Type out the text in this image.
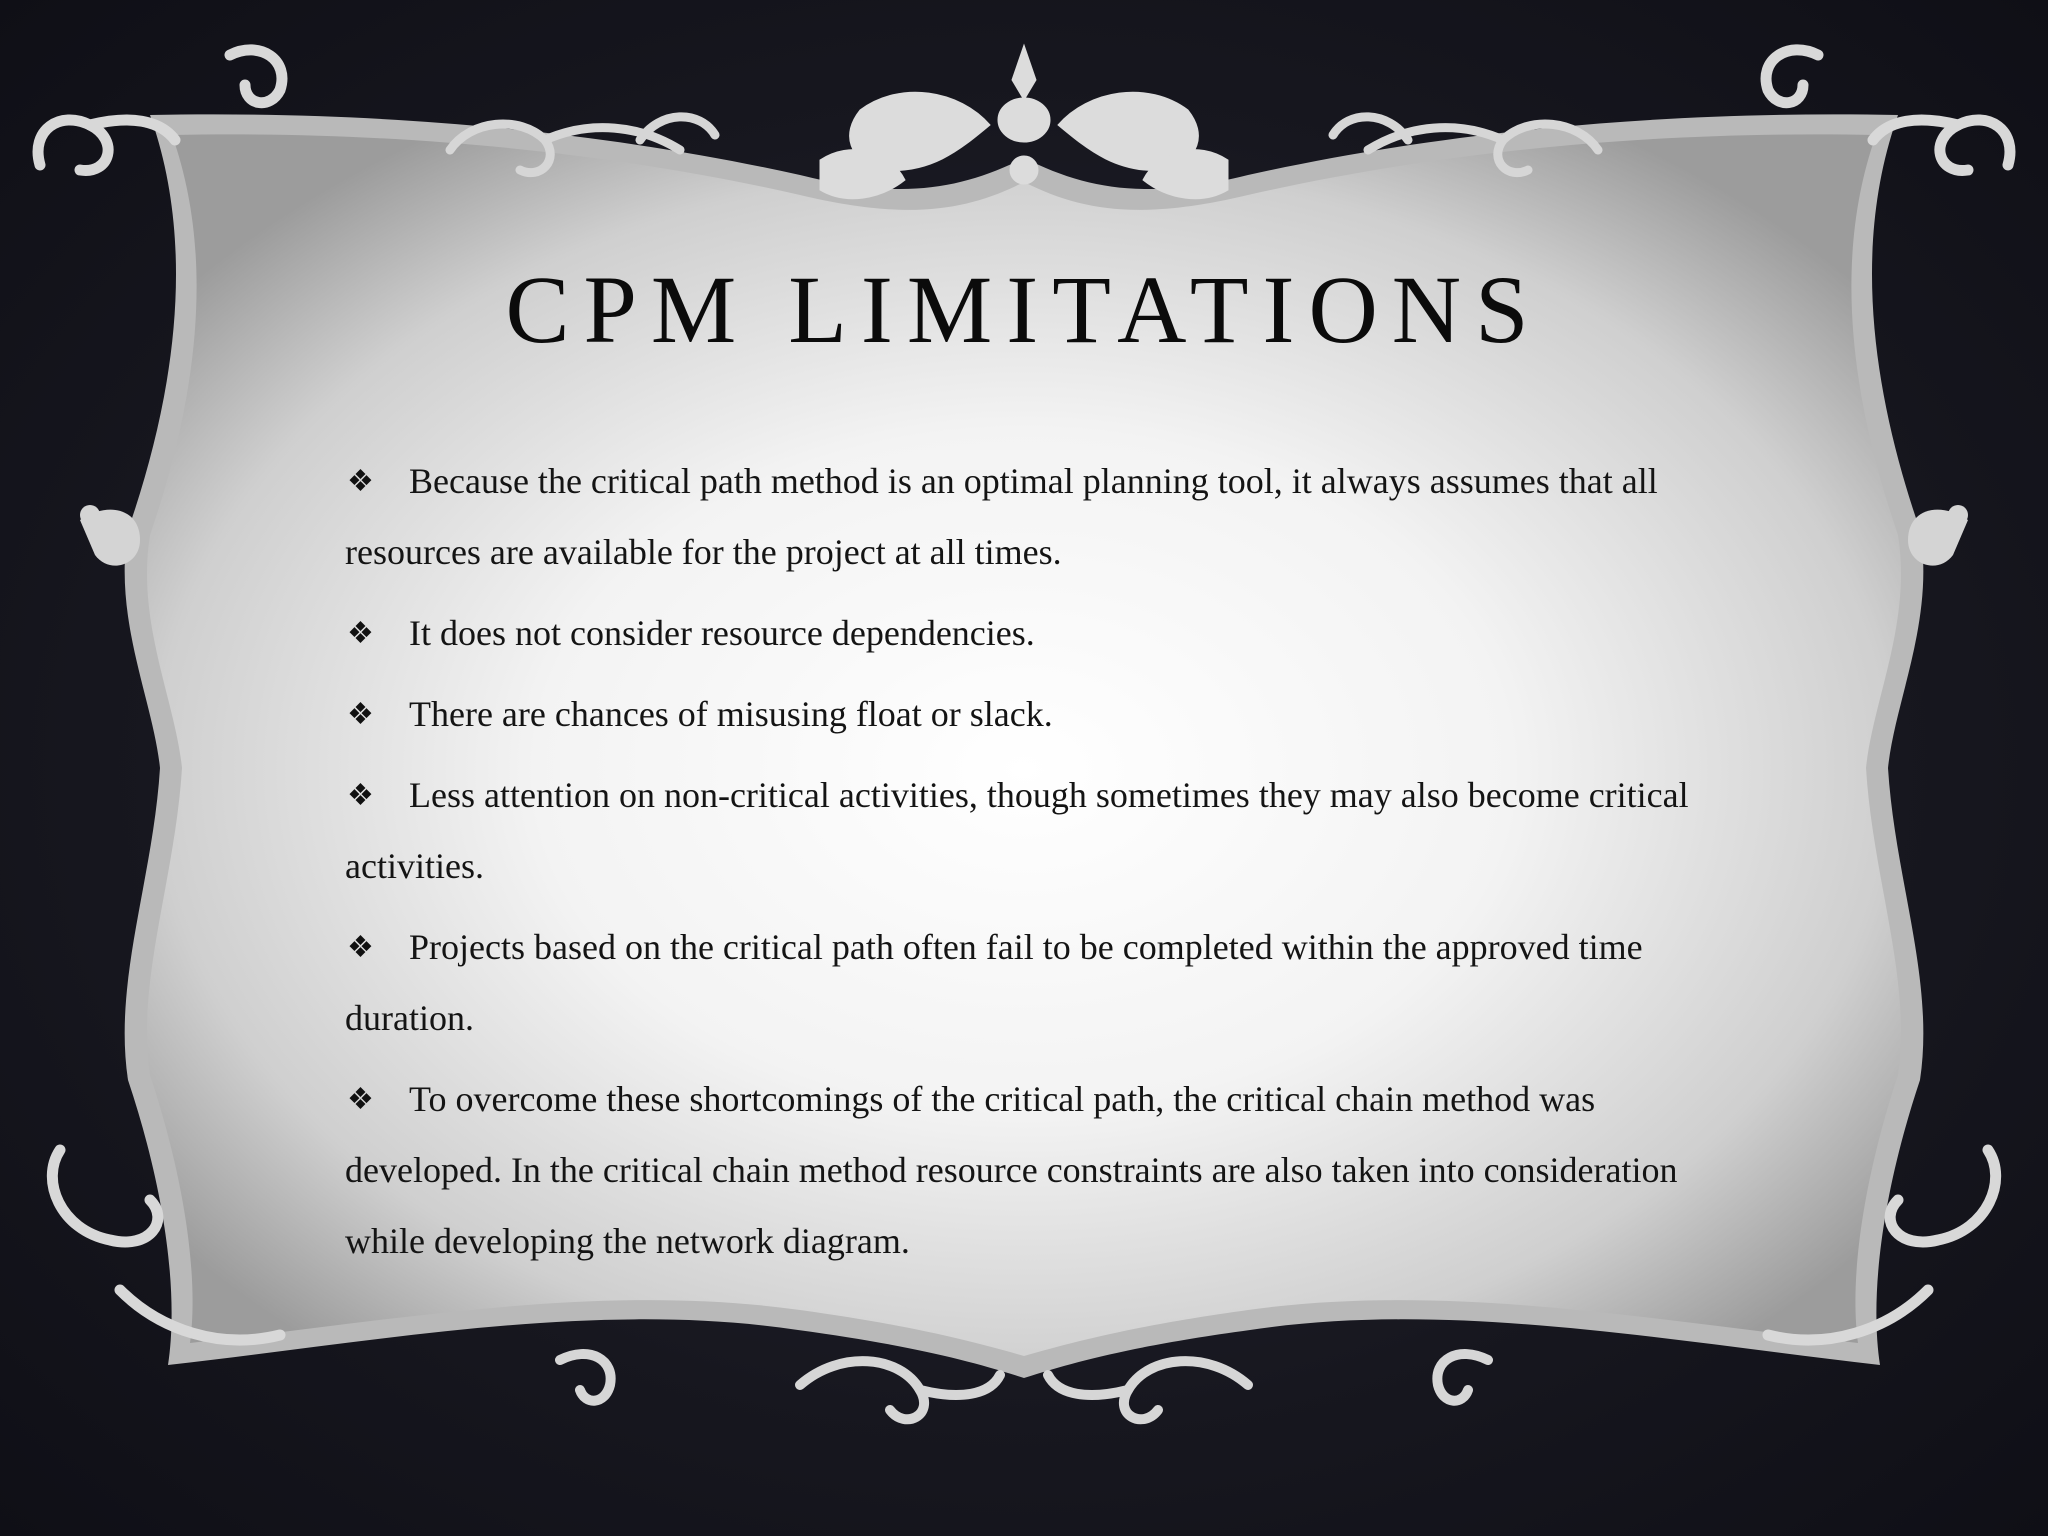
CPM LIMITATIONS
❖ Because the critical path method is an optimal planning tool, it always assumes that all resources are available for the project at all times.
❖ It does not consider resource dependencies.
❖ There are chances of misusing float or slack.
❖ Less attention on non-critical activities, though sometimes they may also become critical activities.
❖ Projects based on the critical path often fail to be completed within the approved time duration.
❖ To overcome these shortcomings of the critical path, the critical chain method was developed. In the critical chain method resource constraints are also taken into consideration while developing the network diagram.
